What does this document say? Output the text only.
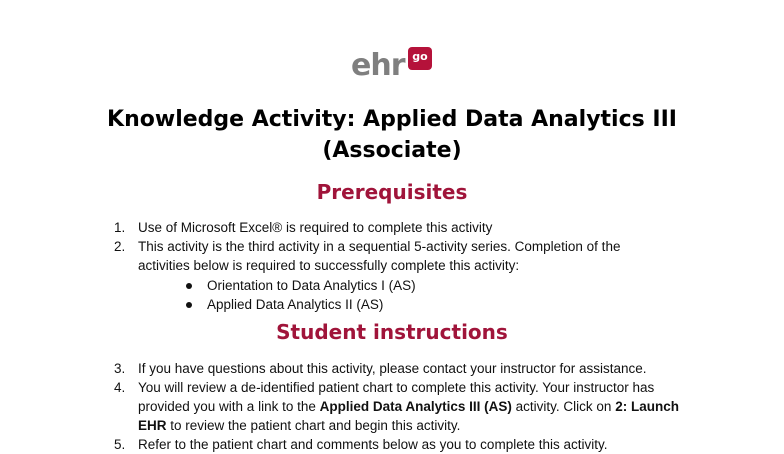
ehr go
Knowledge Activity: Applied Data Analytics III
(Associate)
Prerequisites
1. Use of Microsoft Excel® is required to complete this activity
2. This activity is the third activity in a sequential 5-activity series. Completion of the
activities below is required to successfully complete this activity:
Orientation to Data Analytics I (AS)
Applied Data Analytics II (AS)
Student instructions
3. If you have questions about this activity, please contact your instructor for assistance.
4. You will review a de-identified patient chart to complete this activity. Your instructor has
provided you with a link to the Applied Data Analytics III (AS) activity. Click on 2: Launch
EHR to review the patient chart and begin this activity.
5. Refer to the patient chart and comments below as you to complete this activity.
